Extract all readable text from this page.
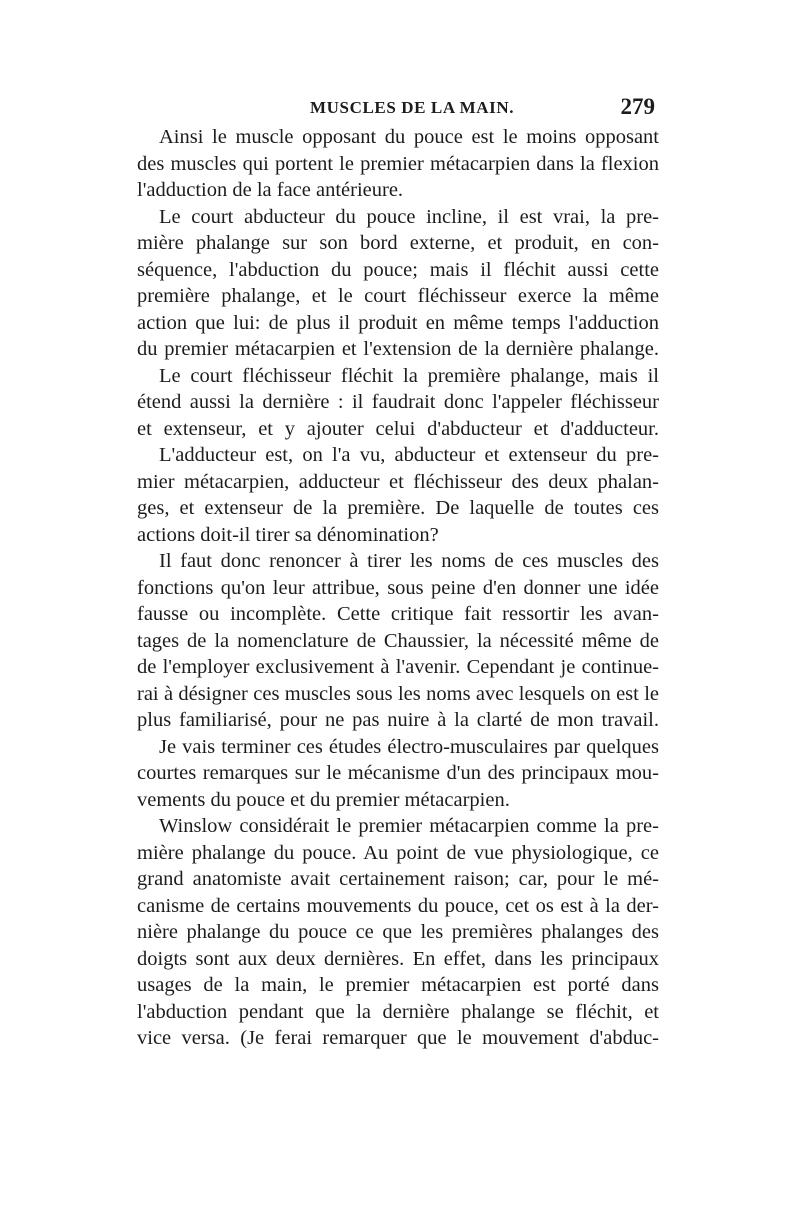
MUSCLES DE LA MAIN.	279
Ainsi le muscle opposant du pouce est le moins opposant
des muscles qui portent le premier métacarpien dans la flexion
l'adduction de la face antérieure.
Le court abducteur du pouce incline, il est vrai, la pre-
mière phalange sur son bord externe, et produit, en con-
séquence, l'abduction du pouce; mais il fléchit aussi cette
première phalange, et le court fléchisseur exerce la même
action que lui: de plus il produit en même temps l'adduction
du premier métacarpien et l'extension de la dernière phalange.
Le court fléchisseur fléchit la première phalange, mais il
étend aussi la dernière : il faudrait donc l'appeler fléchisseur
et extenseur, et y ajouter celui d'abducteur et d'adducteur.
L'adducteur est, on l'a vu, abducteur et extenseur du pre-
mier métacarpien, adducteur et fléchisseur des deux phalan-
ges, et extenseur de la première. De laquelle de toutes ces
actions doit-il tirer sa dénomination?
Il faut donc renoncer à tirer les noms de ces muscles des
fonctions qu'on leur attribue, sous peine d'en donner une idée
fausse ou incomplète. Cette critique fait ressortir les avan-
tages de la nomenclature de Chaussier, la nécessité même de
de l'employer exclusivement à l'avenir. Cependant je continue-
rai à désigner ces muscles sous les noms avec lesquels on est le
plus familiarisé, pour ne pas nuire à la clarté de mon travail.
Je vais terminer ces études électro-musculaires par quelques
courtes remarques sur le mécanisme d'un des principaux mou-
vements du pouce et du premier métacarpien.
Winslow considérait le premier métacarpien comme la pre-
mière phalange du pouce. Au point de vue physiologique, ce
grand anatomiste avait certainement raison; car, pour le mé-
canisme de certains mouvements du pouce, cet os est à la der-
nière phalange du pouce ce que les premières phalanges des
doigts sont aux deux dernières. En effet, dans les principaux
usages de la main, le premier métacarpien est porté dans
l'abduction pendant que la dernière phalange se fléchit, et
vice versa. (Je ferai remarquer que le mouvement d'abduc-
